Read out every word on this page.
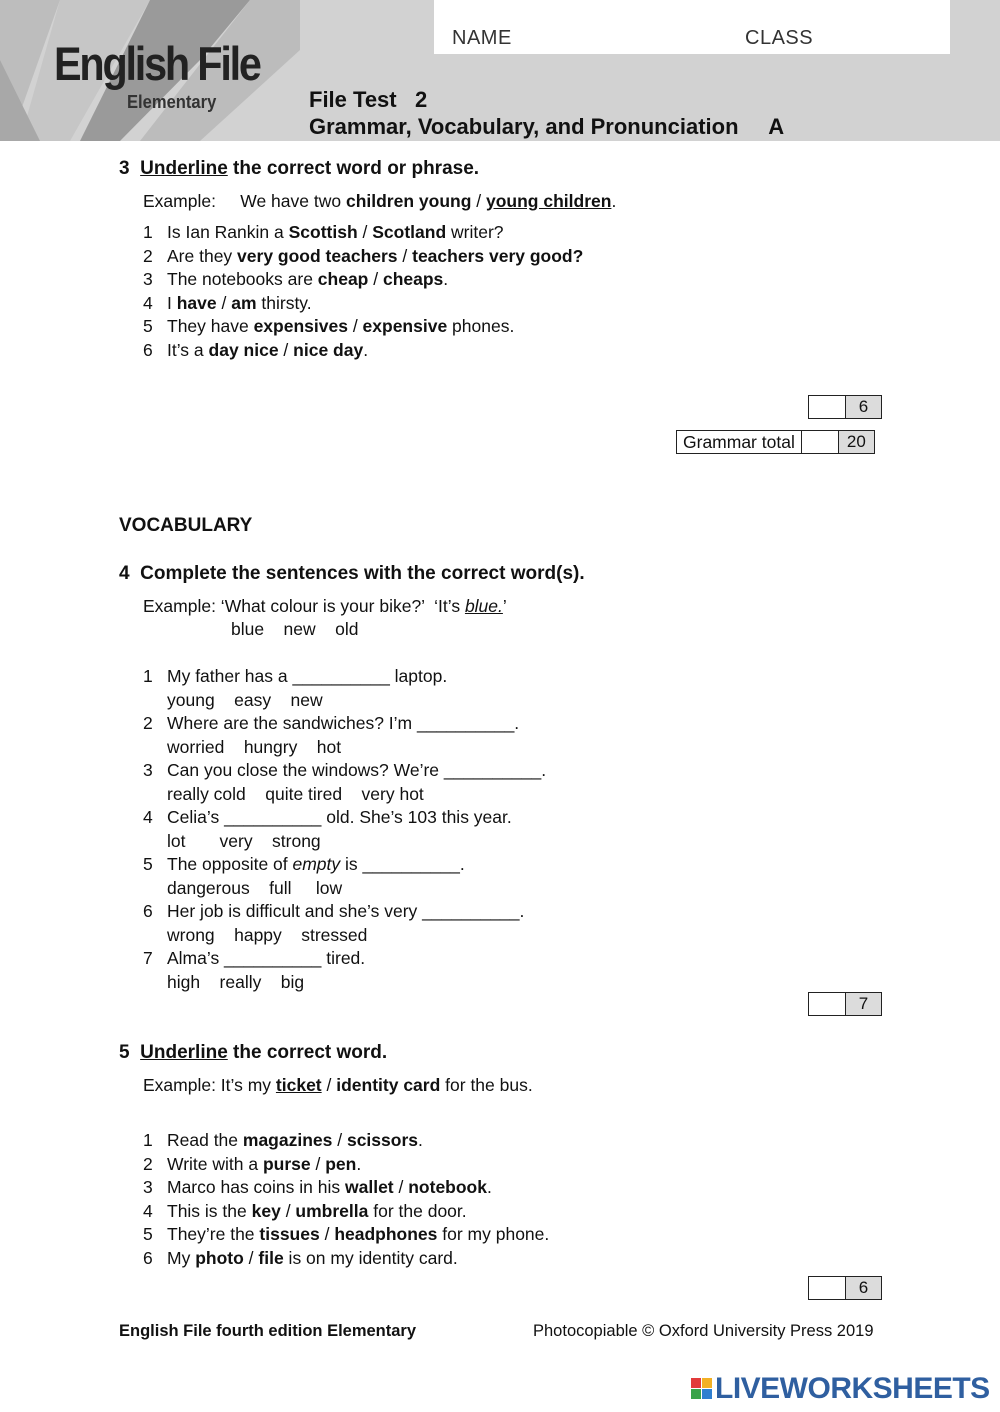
NAME	CLASS
English File
Elementary	File Test   2
Grammar, Vocabulary, and Pronunciation     A
3 Underline the correct word or phrase.
Example:     We have two children young / young children.
1 Is Ian Rankin a Scottish / Scotland writer?
2 Are they very good teachers / teachers very good?
3 The notebooks are cheap / cheaps.
4 I have / am thirsty.
5 They have expensives / expensive phones.
6 It’s a day nice / nice day.
6
Grammar total	20
VOCABULARY
4 Complete the sentences with the correct word(s).
Example: ‘What colour is your bike?’  ‘It’s blue.’
blue    new    old
1 My father has a __________ laptop.
young    easy    new
2 Where are the sandwiches? I’m __________.
worried    hungry    hot
3 Can you close the windows? We’re __________.
really cold    quite tired    very hot
4 Celia’s __________ old. She’s 103 this year.
lot       very    strong
5 The opposite of empty is __________.
dangerous    full     low
6 Her job is difficult and she’s very __________.
wrong    happy    stressed
7 Alma’s __________ tired.
high    really    big
7
5 Underline the correct word.
Example: It’s my ticket / identity card for the bus.
1 Read the magazines / scissors.
2 Write with a purse / pen.
3 Marco has coins in his wallet / notebook.
4 This is the key / umbrella for the door.
5 They’re the tissues / headphones for my phone.
6 My photo / file is on my identity card.
6
English File fourth edition Elementary	Photocopiable © Oxford University Press 2019
LIVEWORKSHEETS
